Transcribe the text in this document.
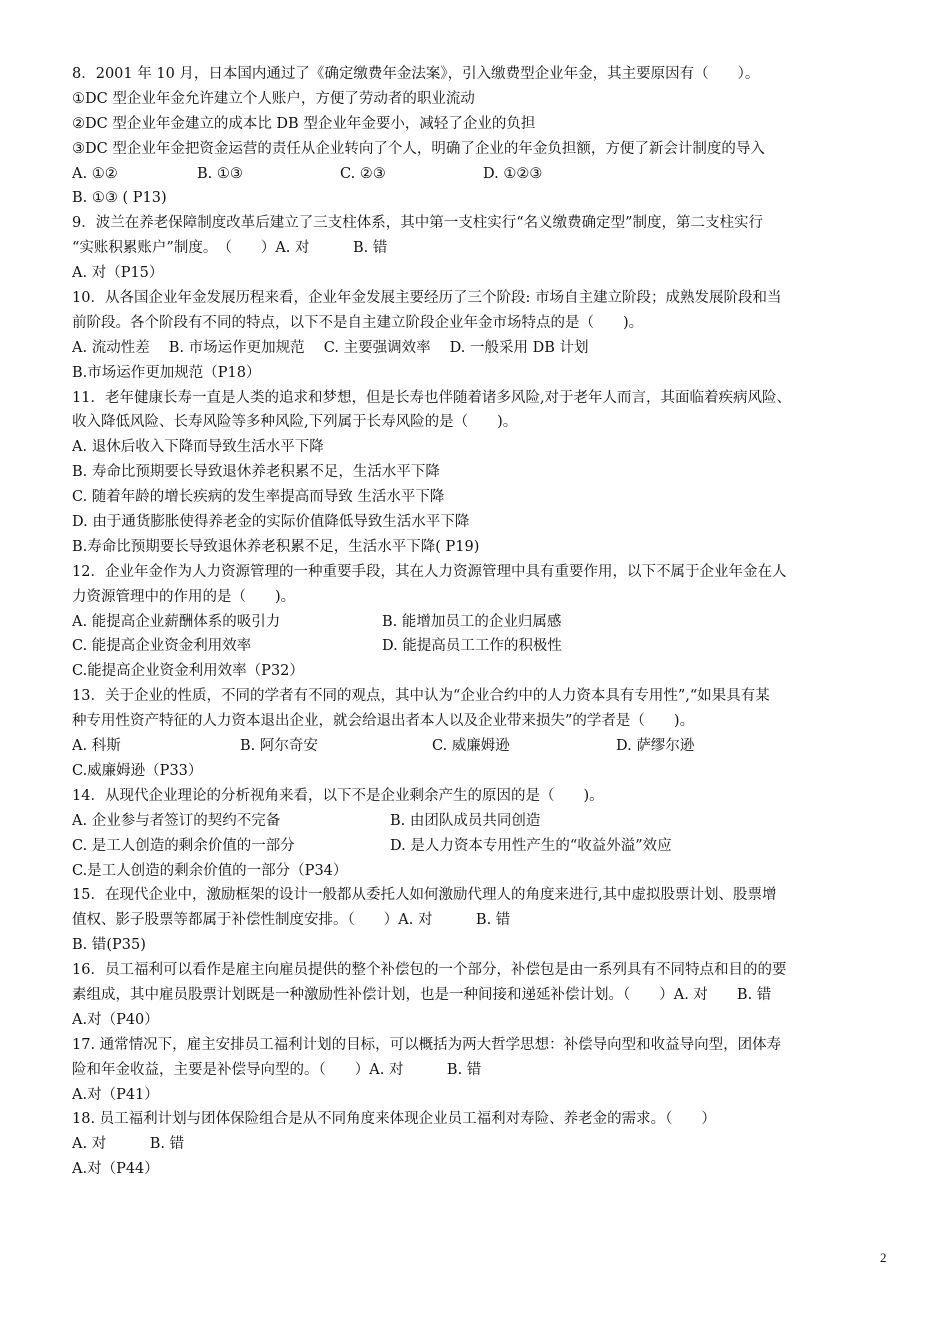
8．2001 年 10 月，日本国内通过了《确定缴费年金法案》，引入缴费型企业年金，其主要原因有（　　）。
①DC 型企业年金允许建立个人账户，方便了劳动者的职业流动
②DC 型企业年金建立的成本比 DB 型企业年金要小，减轻了企业的负担
③DC 型企业年金把资金运营的责任从企业转向了个人，明确了企业的年金负担额，方便了新会计制度的导入

A. ①②

	B. ①③

	C. ②③

	D. ①②③

B. ①③ ( P13)
9．波兰在养老保障制度改革后建立了三支柱体系，其中第一支柱实行“名义缴费确定型”制度，第二支柱实行
“实账积累账户”制度。　（　　）A. 对　　　B. 错
A. 对（P15）
10．从各国企业年金发展历程来看，企业年金发展主要经历了三个阶段: 市场自主建立阶段；成熟发展阶段和当
前阶段。各个阶段有不同的特点，以下不是自主建立阶段企业年金市场特点的是（　　)。
A. 流动性差　 B. 市场运作更加规范　 C. 主要强调效率　 D. 一般采用 DB 计划
B.市场运作更加规范（P18）
11．老年健康长寿一直是人类的追求和梦想，但是长寿也伴随着诸多风险,对于老年人而言，其面临着疾病风险、
收入降低风险、长寿风险等多种风险,下列属于长寿风险的是（　　)。
A. 退休后收入下降而导致生活水平下降
B. 寿命比预期要长导致退休养老积累不足，生活水平下降
C. 随着年龄的增长疾病的发生率提高而导致 生活水平下降
D. 由于通货膨胀使得养老金的实际价值降低导致生活水平下降
B.寿命比预期要长导致退休养老积累不足，生活水平下降( P19)
12．企业年金作为人力资源管理的一种重要手段，其在人力资源管理中具有重要作用，以下不属于企业年金在人
力资源管理中的作用的是（　　)。

A. 能提高企业薪酬体系的吸引力

	B. 能增加员工的企业归属感

C. 能提高企业资金利用效率

	D. 能提高员工工作的积极性

C.能提高企业资金利用效率（P32）
13．关于企业的性质，不同的学者有不同的观点，其中认为“企业合约中的人力资本具有专用性”,“如果具有某
种专用性资产特征的人力资本退出企业，就会给退出者本人以及企业带来损失”的学者是（　　)。

A. 科斯

	B. 阿尔奇安

	C. 威廉姆逊

	D. 萨缪尔逊

C.威廉姆逊（P33）
14．从现代企业理论的分析视角来看，以下不是企业剩余产生的原因的是（　　)。

A. 企业参与者签订的契约不完备

	B. 由团队成员共同创造

C. 是工人创造的剩余价值的一部分

	D. 是人力资本专用性产生的“收益外溢”效应

C.是工人创造的剩余价值的一部分（P34）
15．在现代企业中，激励框架的设计一般都从委托人如何激励代理人的角度来进行,其中虚拟股票计划、股票增
值权、影子股票等都属于补偿性制度安排。（　　）A. 对　　　B. 错
B. 错(P35)
16．员工福利可以看作是雇主向雇员提供的整个补偿包的一个部分，补偿包是由一系列具有不同特点和目的的要
素组成，其中雇员股票计划既是一种激励性补偿计划，也是一种间接和递延补偿计划。（　　）A. 对　　B. 错
A.对（P40）
17. 通常情况下，雇主安排员工福利计划的目标，可以概括为两大哲学思想：补偿导向型和收益导向型，团体寿
险和年金收益，主要是补偿导向型的。（　　）A. 对　　　B. 错
A.对（P41）
18. 员工福利计划与团体保险组合是从不同角度来体现企业员工福利对寿险、养老金的需求。（　　）
A. 对　　　B. 错
A.对（P44）
2
